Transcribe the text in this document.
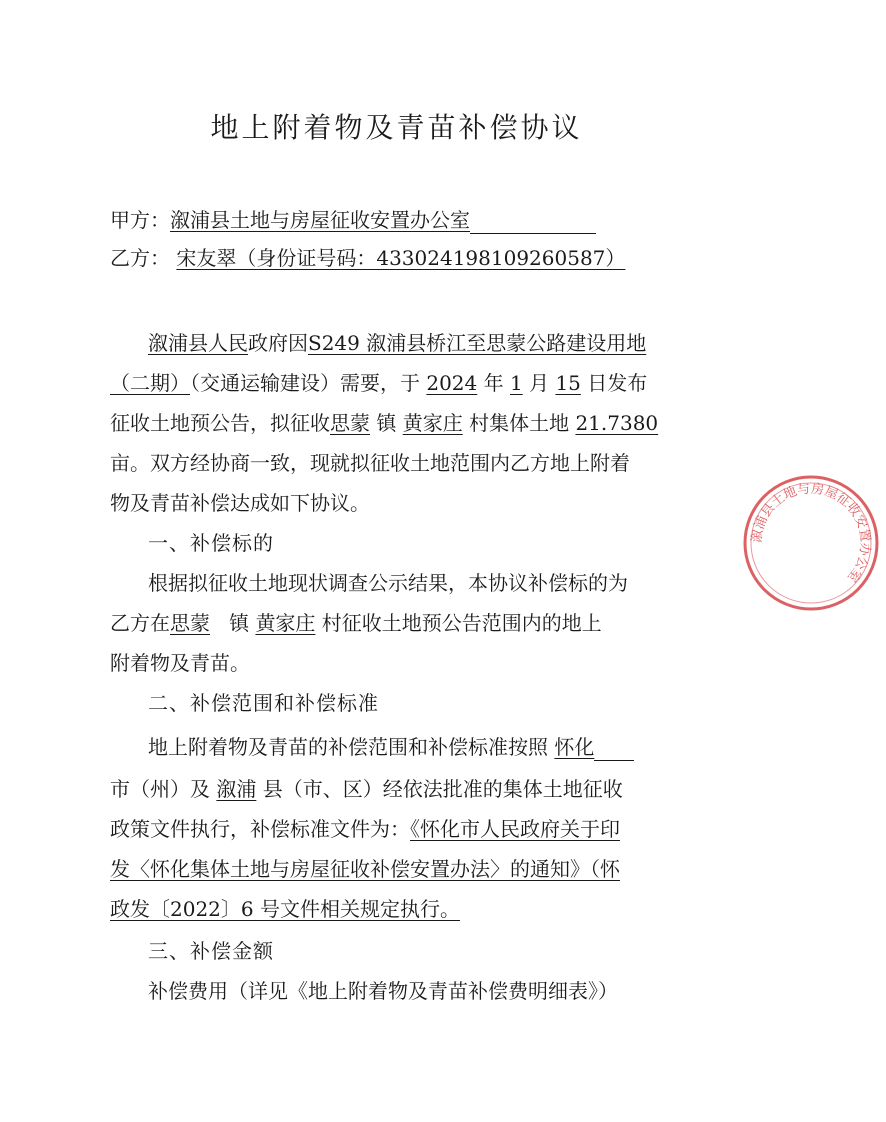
地上附着物及青苗补偿协议
甲方：溆浦县土地与房屋征收安置办公室
乙方： 宋友翠（身份证号码：433024198109260587）
溆浦县人民政府因S249 溆浦县桥江至思蒙公路建设用地
（二期）（交通运输建设）需要，于 2024 年 1 月 15 日发布
征收土地预公告，拟征收思蒙 镇 黄家庄 村集体土地 21.7380
亩。双方经协商一致，现就拟征收土地范围内乙方地上附着
物及青苗补偿达成如下协议。
一、补偿标的
根据拟征收土地现状调查公示结果，本协议补偿标的为
乙方在思蒙 镇 黄家庄 村征收土地预公告范围内的地上
附着物及青苗。
二、补偿范围和补偿标准
地上附着物及青苗的补偿范围和补偿标准按照 怀化
市（州）及 溆浦 县（市、区）经依法批准的集体土地征收
政策文件执行，补偿标准文件为：《怀化市人民政府关于印
发〈怀化集体土地与房屋征收补偿安置办法〉的通知》（怀
政发〔2022〕6 号文件相关规定执行。
三、补偿金额
补偿费用（详见《地上附着物及青苗补偿费明细表》）
溆浦县土地与房屋征收安置办公室
